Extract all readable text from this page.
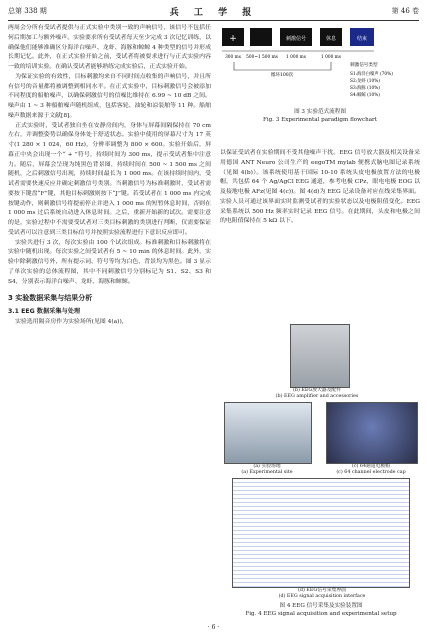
总第 338 期	兵 工 学 报	第 46 卷

两周会分所有受试者提供与正式实验中类别一致的声响信号，该信号不包括任何后期加工与额外噪声。实验要求所有受试者每天至少完成 3 次记忆训练，以确保他们能够准确区分海洋白噪声、龙虾、海豚和鲸鲸 4 种类型的信号并形成长期记忆。此外，在正式实验开始之前，受试者将被要求进行与正式实验内容一致的培训实验。在确认受试者能够熟练完成实验后，正式实验开始。

为保证实验的有效性，目标刺激均来自不同时间点收集的声响信号，并且所有信号的音量都将被调整到相同水平。在正式实验中，目标刺激信号会被添加不同程度的船舶噪声，以确保刺激信号的信噪比维持在 6.99 ~ 10 dB 之间。噪声由 1 ~ 3 种船舶噪声随机组成，包括客轮、油轮和凉装舶等 11 种。船舶噪声数据来源于文献[8]。

正式实验时，受试者独自坐在安静房间内，身体与屏幕间隔保持在 70 cm 左右，并调整姿势以确保身体处于舒适状态。实验中使用的屏幕尺寸为 17 英寸(1 280 × 1 024，60 Hz)，分辨率调整为 800 × 600。实验开始后，屏幕正中央会出现一个“ + ”符号，持续时间为 300 ms，提示受试者集中注意力。随后，屏幕会呈现为纯黑色背景图，持续时间在 500 ~ 1 500 ms 之间随机，之后刺激信号出现，持续时间最长为 1 000 ms。在该持续时间内，受试者需要快速反应并确定刺激信号类别。当刺激信号为标准刺激时，受试者需要按下键盘“F”键，其他目标刺激则按下“J”键。若受试者在 1 000 ms 内完成按键动作，则刺激信号将提前停止并进入 1 000 ms 的短暂休息时间，否则在 1 000 ms 过后系统自动进入休息时间。之后，重新开始新的试次。需要注意的是，实验过程中不需要受试者对三类目标刺激的类别进行判断，仅需要保证受试者可以注意到三类目标信号并按照实验流程进行下意识反应即可。

实验共进行 3 次，每次实验由 100 个试次组成。标准刺激和目标刺激将在实验中随机出现。每次实验之间受试者有 5 ~ 10 min 的休息时间。此外，实验中除刺激信号外，所有提示词、符号等均为白色，背景均为黑色。图 3 显示了单次实验的总体流程图，其中不同刺激信号分别标记为 S1、S2、S3 和 S4，分别表示海洋白噪声、龙虾、海豚和鲸鲸。

3 实验数据采集与结果分析
3.1 EEG 数据采集与处理

实验选用隔音房作为实验场所(见图 4(a))，

+	刺激信号	休息	结束
300 ms 500~1 500 ms 1 000 ms	1 000 ms
循环100次
刺激信号类型
S1:海洋白噪声 (70%)
S2:龙虾 (10%)
S3:海豚 (10%)
S4:鲸鲸 (10%)
图 3 实验范式流程图
Fig. 3 Experimental paradigm flowchart

以保证受试者在实验期间不受其他噪声干扰。EEG 信号放大器及相关设备采用德国 ANT Neuro 公司生产的 eegoTM mylab 便携式脑电图记录系统（见图 4(b)）。该系统使用基于国际 10-10 系统头皮电极放置方法的电极帽，共包括 64 个 Ag/AgCl EEG 通道，参考电极 CPz，眼电电极 EOG 以及接地电极 AFz(见图 4(c))。图 4(d)为 EEG 记录设备对应在线采集界面。实验人员可通过该界面实时监测受试者的实验状态以及电极阻值变化。EEG 采集系统以 500 Hz 频率实时记录 EEG 信号。在此期间，头皮和电极之间的电阻值保持在 5 kΩ 以下。

(b) EEG放大器及配件
(b) EEG amplifier and accessories
(a) 实验场地
(a) Experimental site
(c) 64通道电极帽
(c) 64 channel electrode cap
(d) EEG信号采集界面
(d) EEG signal acquisition interface
图 4 EEG 信号采集及实验装置图
Fig. 4 EEG signal acquisition and experimental setup
· 6 ·
